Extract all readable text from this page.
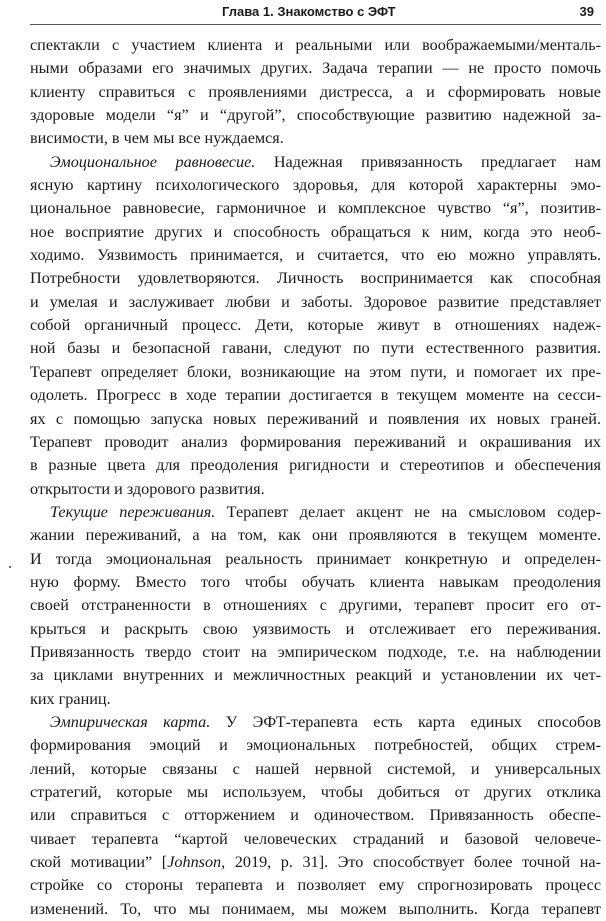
Глава 1. Знакомство с ЭФТ	39
спектакли с участием клиента и реальными или воображаемыми/менталь-
ными образами его значимых других. Задача терапии — не просто помочь
клиенту справиться с проявлениями дистресса, а и сформировать новые
здоровые модели “я” и “другой”, способствующие развитию надежной за-
висимости, в чем мы все нуждаемся.
Эмоциональное равновесие. Надежная привязанность предлагает нам
ясную картину психологического здоровья, для которой характерны эмо-
циональное равновесие, гармоничное и комплексное чувство “я”, позитив-
ное восприятие других и способность обращаться к ним, когда это необ-
ходимо. Уязвимость принимается, и считается, что ею можно управлять.
Потребности удовлетворяются. Личность воспринимается как способная
и умелая и заслуживает любви и заботы. Здоровое развитие представляет
собой органичный процесс. Дети, которые живут в отношениях надеж-
ной базы и безопасной гавани, следуют по пути естественного развития.
Терапевт определяет блоки, возникающие на этом пути, и помогает их пре-
одолеть. Прогресс в ходе терапии достигается в текущем моменте на сесси-
ях с помощью запуска новых переживаний и появления их новых граней.
Терапевт проводит анализ формирования переживаний и окрашивания их
в разные цвета для преодоления ригидности и стереотипов и обеспечения
открытости и здорового развития.
Текущие переживания. Терапевт делает акцент не на смысловом содер-
жании переживаний, а на том, как они проявляются в текущем моменте.
И тогда эмоциональная реальность принимает конкретную и определен-
ную форму. Вместо того чтобы обучать клиента навыкам преодоления
своей отстраненности в отношениях с другими, терапевт просит его от-
крыться и раскрыть свою уязвимость и отслеживает его переживания.
Привязанность твердо стоит на эмпирическом подходе, т.е. на наблюдении
за циклами внутренних и межличностных реакций и установлении их чет-
ких границ.
Эмпирическая карта. У ЭФТ-терапевта есть карта единых способов
формирования эмоций и эмоциональных потребностей, общих стрем-
лений, которые связаны с нашей нервной системой, и универсальных
стратегий, которые мы используем, чтобы добиться от других отклика
или справиться с отторжением и одиночеством. Привязанность обеспе-
чивает терапевта “картой человеческих страданий и базовой человече-
ской мотивации” [Johnson, 2019, p. 31]. Это способствует более точной на-
стройке со стороны терапевта и позволяет ему спрогнозировать процесс
изменений. То, что мы понимаем, мы можем выполнить. Когда терапевт
